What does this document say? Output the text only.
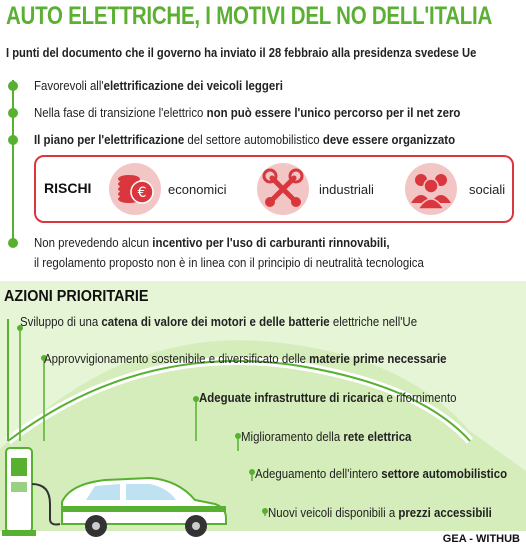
AUTO ELETTRICHE, I MOTIVI DEL NO DELL'ITALIA
I punti del documento che il governo ha inviato il 28 febbraio alla presidenza svedese Ue
Favorevoli all'elettrificazione dei veicoli leggeri
Nella fase di transizione l'elettrico non può essere l'unico percorso per il net zero
Il piano per l'elettrificazione del settore automobilistico deve essere organizzato
RISCHI	€ economici	industriali	sociali
Non prevedendo alcun incentivo per l'uso di carburanti rinnovabili,
il regolamento proposto non è in linea con il principio di neutralità tecnologica
AZIONI PRIORITARIE
Sviluppo di una catena di valore dei motori e delle batterie elettriche nell'Ue
Approvvigionamento sostenibile e diversificato delle materie prime necessarie
Adeguate infrastrutture di ricarica e rifornimento
Miglioramento della rete elettrica
Adeguamento dell'intero settore automobilistico
Nuovi veicoli disponibili a prezzi accessibili
GEA - WITHUB
